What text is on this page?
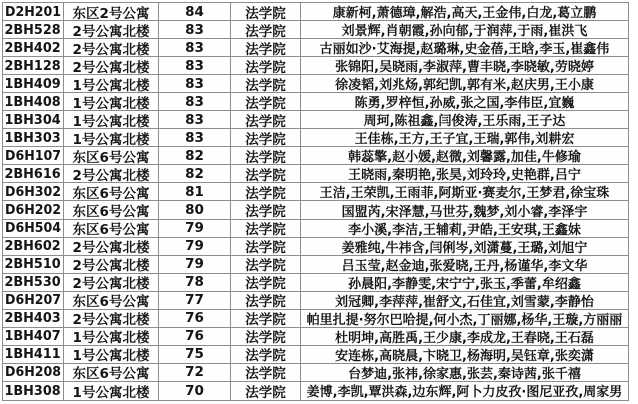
D2H201 东区2号公寓	84	法学院	康新柯,萧德璋,解浩,高天,王金伟,白龙,葛立鹏
2BH528 2号公寓北楼	83	法学院	刘景辉,肖朝霞,孙向郁,于润萍,于雨,崔洪飞
2BH402 2号公寓北楼	83	法学院	古丽如沙·艾海提,赵璐琳,史金蓓,王晗,李玉,崔鑫伟
2BH128 2号公寓北楼	83	法学院	张锦阳,吴晓雨,李淑萍,曹丰晓,李晓敏,劳晓婷
1BH409 1号公寓北楼	83	法学院	徐凌韬,刘兆炀,郭纪凯,郭有米,赵庆男,王小康
1BH408 1号公寓北楼	83	法学院	陈勇,罗梓恒,孙威,张之国,李伟臣,宜巍
1BH304 1号公寓北楼	83	法学院	周珂,陈祖鑫,闫俊涛,王乐雨,王子达
1BH303 1号公寓北楼	83	法学院	王佳栋,王方,王子宜,王瑞,郭伟,刘耕宏
D6H107 东区6号公寓	82	法学院	韩蕊擎,赵小媛,赵微,刘馨露,加佳,牛修瑜
2BH616 2号公寓北楼	82	法学院	王晓雨,秦明艳,张昊,刘玲玲,史艳群,吕宁
D6H302 东区6号公寓	81	法学院	王洁,王荣凯,王雨菲,阿斯亚·赛麦尔,王梦君,徐宝珠
D6H202 东区6号公寓	80	法学院	国盟芮,宋泽慧,马世芬,魏梦,刘小睿,李泽宇
D6H504 东区6号公寓	79	法学院	李小溪,李洁,王辅莉,尹皓,王安琪,王鑫妹
2BH602 2号公寓北楼	79	法学院	姜雅纯,牛祎含,闫俐岑,刘潇蔓,王璐,刘旭宁
2BH510 2号公寓北楼	79	法学院	吕玉莹,赵金迪,张爱晓,王丹,杨谨华,李文华
2BH530 2号公寓北楼	78	法学院	孙晨阳,李静雯,宋宁宁,张玉,季蕾,牟绍鑫
D6H207 东区6号公寓	77	法学院	刘冠卿,李萍萍,崔舒文,石佳宜,刘雪蒙,李静怡
2BH403 2号公寓北楼	76	法学院 帕里扎提·努尔巴哈提,何小杰,丁丽娜,杨华,王璇,方丽丽
1BH407 1号公寓北楼	76	法学院	杜明坤,高胜禹,王少康,李成龙,王春晓,王石磊
1BH411 1号公寓北楼	75	法学院	安连栋,高晓晨,卞晓卫,杨海明,吴钰章,张奕潇
D6H208 东区6号公寓	72	法学院	台梦迪,张祎,徐家惠,张芸,秦诗茜,张千禧
1BH308 1号公寓北楼	70	法学院 姜博,李凯,覃洪森,边东辉,阿卜力皮孜·图尼亚孜,周家男
